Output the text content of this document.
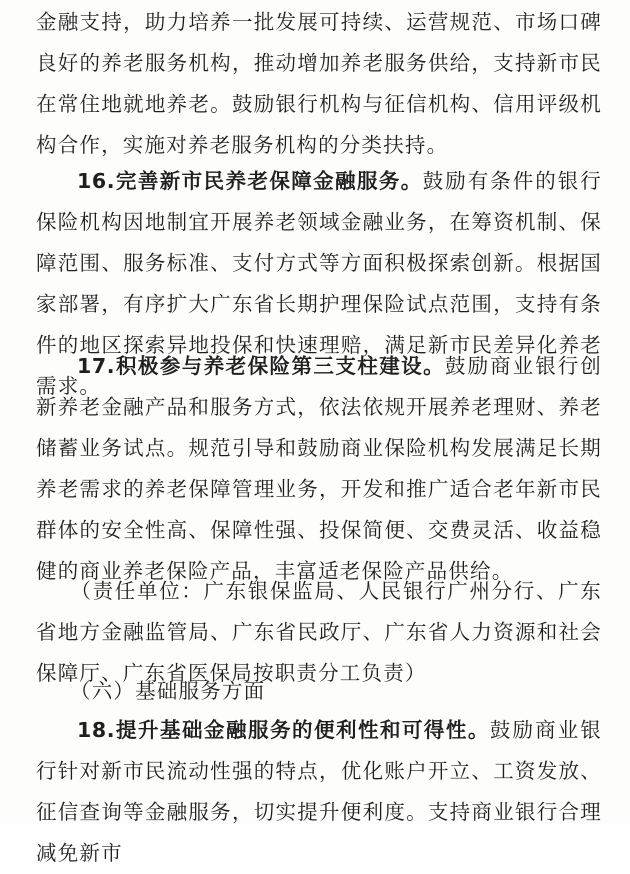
金融支持，助力培养一批发展可持续、运营规范、市场口碑良好的养老服务机构，推动增加养老服务供给，支持新市民在常住地就地养老。鼓励银行机构与征信机构、信用评级机构合作，实施对养老服务机构的分类扶持。

16.完善新市民养老保障金融服务。鼓励有条件的银行保险机构因地制宜开展养老领域金融业务，在筹资机制、保障范围、服务标准、支付方式等方面积极探索创新。根据国家部署，有序扩大广东省长期护理保险试点范围，支持有条件的地区探索异地投保和快速理赔，满足新市民差异化养老需求。

17.积极参与养老保险第三支柱建设。鼓励商业银行创新养老金融产品和服务方式，依法依规开展养老理财、养老储蓄业务试点。规范引导和鼓励商业保险机构发展满足长期养老需求的养老保障管理业务，开发和推广适合老年新市民群体的安全性高、保障性强、投保简便、交费灵活、收益稳健的商业养老保险产品，丰富适老保险产品供给。

（责任单位：广东银保监局、人民银行广州分行、广东省地方金融监管局、广东省民政厅、广东省人力资源和社会保障厅、广东省医保局按职责分工负责）

（六）基础服务方面

18.提升基础金融服务的便利性和可得性。鼓励商业银行针对新市民流动性强的特点，优化账户开立、工资发放、征信查询等金融服务，切实提升便利度。支持商业银行合理减免新市
